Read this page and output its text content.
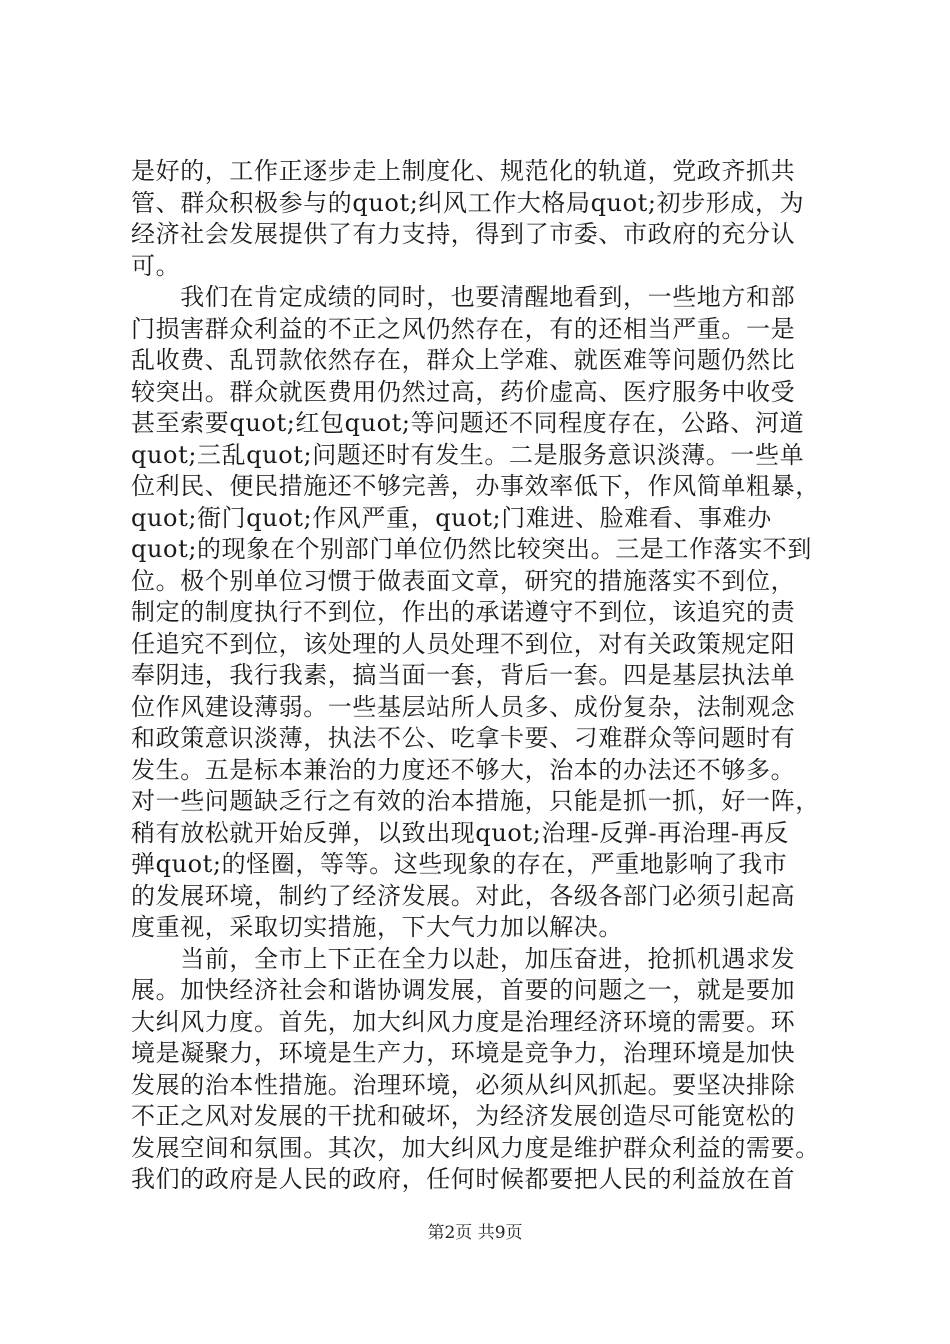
是好的，工作正逐步走上制度化、规范化的轨道，党政齐抓共
管、群众积极参与的quot;纠风工作大格局quot;初步形成，为
经济社会发展提供了有力支持，得到了市委、市政府的充分认
可。
　　我们在肯定成绩的同时，也要清醒地看到，一些地方和部
门损害群众利益的不正之风仍然存在，有的还相当严重。一是
乱收费、乱罚款依然存在，群众上学难、就医难等问题仍然比
较突出。群众就医费用仍然过高，药价虚高、医疗服务中收受
甚至索要quot;红包quot;等问题还不同程度存在，公路、河道
quot;三乱quot;问题还时有发生。二是服务意识淡薄。一些单
位利民、便民措施还不够完善，办事效率低下，作风简单粗暴，
quot;衙门quot;作风严重，quot;门难进、脸难看、事难办
quot;的现象在个别部门单位仍然比较突出。三是工作落实不到
位。极个别单位习惯于做表面文章，研究的措施落实不到位，
制定的制度执行不到位，作出的承诺遵守不到位，该追究的责
任追究不到位，该处理的人员处理不到位，对有关政策规定阳
奉阴违，我行我素，搞当面一套，背后一套。四是基层执法单
位作风建设薄弱。一些基层站所人员多、成份复杂，法制观念
和政策意识淡薄，执法不公、吃拿卡要、刁难群众等问题时有
发生。五是标本兼治的力度还不够大，治本的办法还不够多。
对一些问题缺乏行之有效的治本措施，只能是抓一抓，好一阵，
稍有放松就开始反弹，以致出现quot;治理-反弹-再治理-再反
弹quot;的怪圈，等等。这些现象的存在，严重地影响了我市
的发展环境，制约了经济发展。对此，各级各部门必须引起高
度重视，采取切实措施，下大气力加以解决。
　　当前，全市上下正在全力以赴，加压奋进，抢抓机遇求发
展。加快经济社会和谐协调发展，首要的问题之一，就是要加
大纠风力度。首先，加大纠风力度是治理经济环境的需要。环
境是凝聚力，环境是生产力，环境是竞争力，治理环境是加快
发展的治本性措施。治理环境，必须从纠风抓起。要坚决排除
不正之风对发展的干扰和破坏，为经济发展创造尽可能宽松的
发展空间和氛围。其次，加大纠风力度是维护群众利益的需要。
我们的政府是人民的政府，任何时候都要把人民的利益放在首
第2页 共9页
